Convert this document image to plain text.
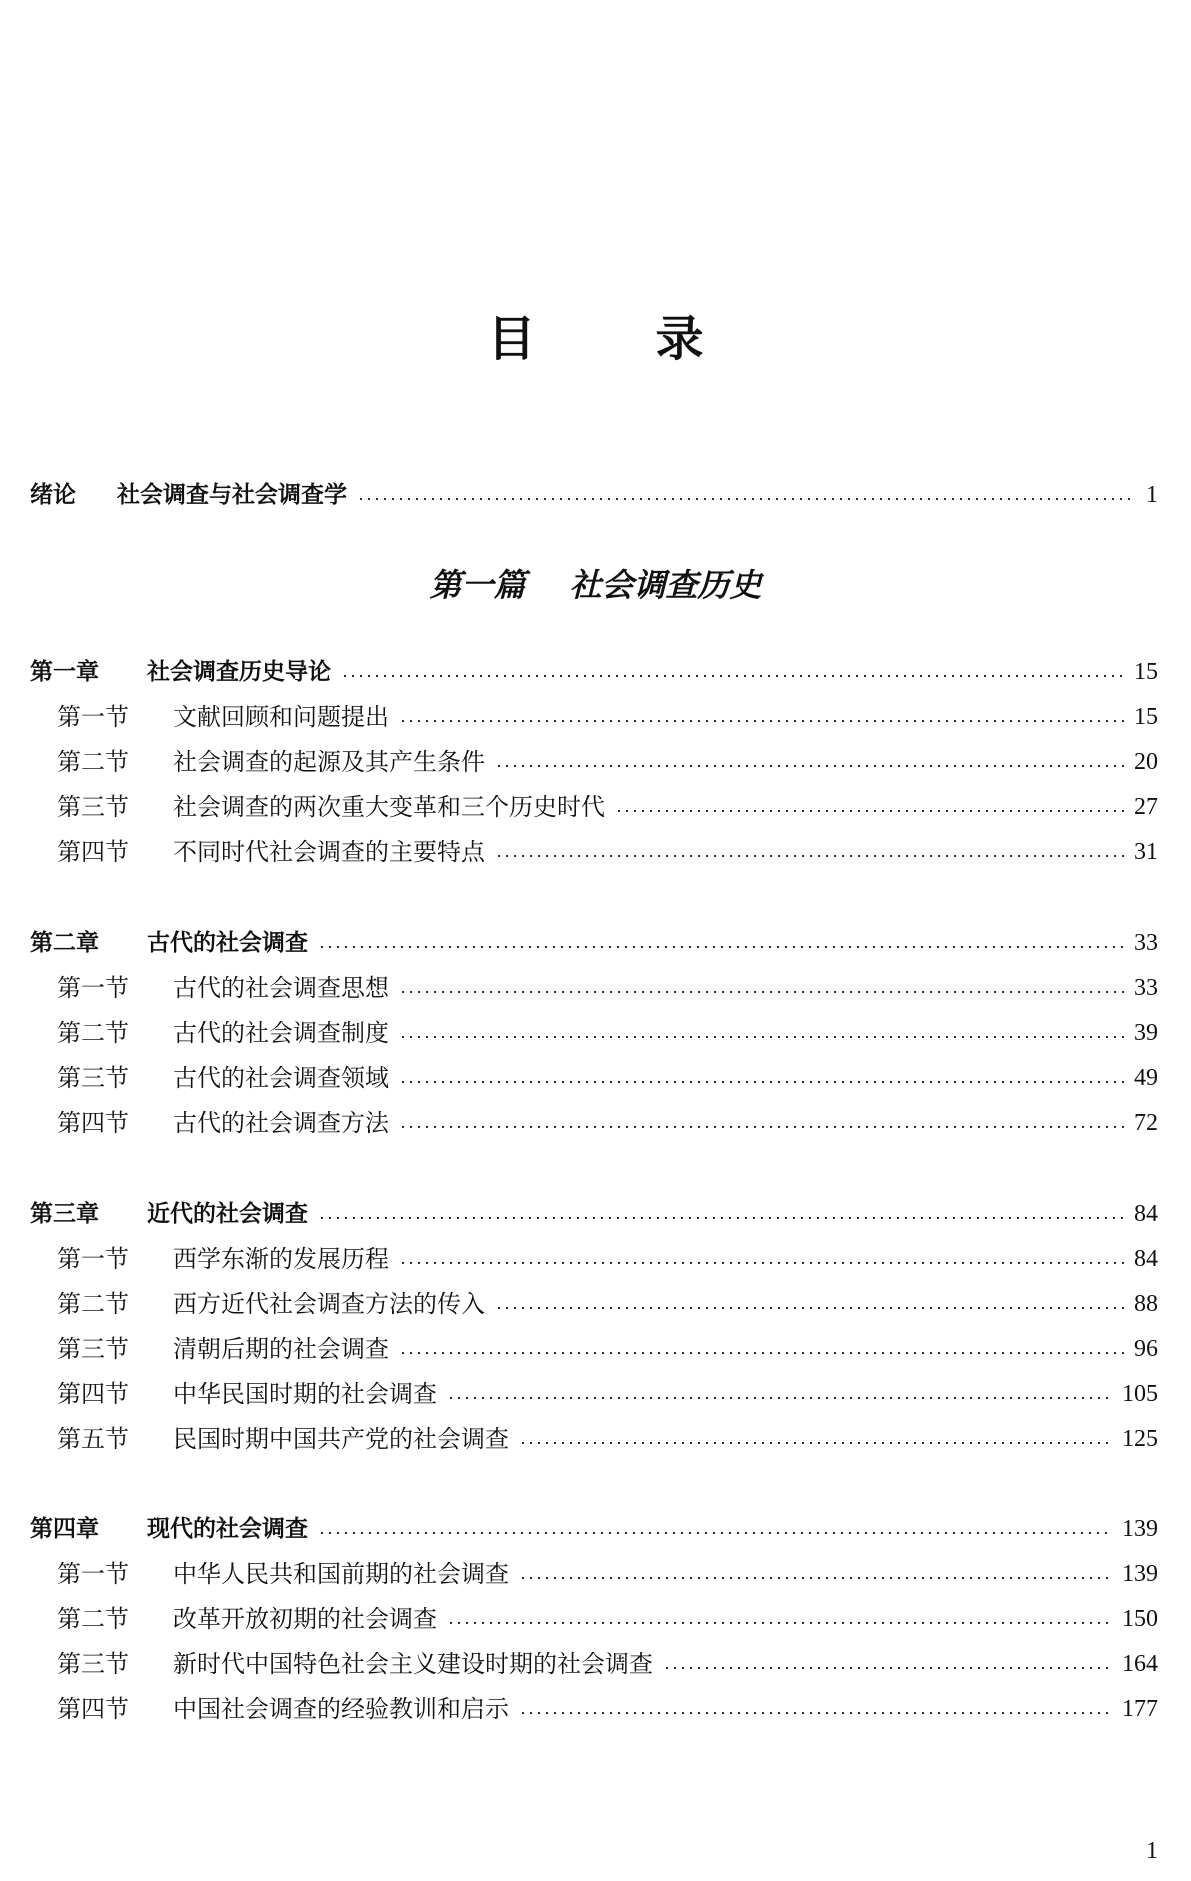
目	录
绪论 社会调查与社会调查学	1
第一篇 社会调查历史
第一章 社会调查历史导论	15
第一节 文献回顾和问题提出	15
第二节 社会调查的起源及其产生条件	20
第三节 社会调查的两次重大变革和三个历史时代	27
第四节 不同时代社会调查的主要特点	31
第二章 古代的社会调查	33
第一节 古代的社会调查思想	33
第二节 古代的社会调查制度	39
第三节 古代的社会调查领域	49
第四节 古代的社会调查方法	72
第三章 近代的社会调查	84
第一节 西学东渐的发展历程	84
第二节 西方近代社会调查方法的传入	88
第三节 清朝后期的社会调查	96
第四节 中华民国时期的社会调查	105
第五节 民国时期中国共产党的社会调查	125
第四章 现代的社会调查	139
第一节 中华人民共和国前期的社会调查	139
第二节 改革开放初期的社会调查	150
第三节 新时代中国特色社会主义建设时期的社会调查	164
第四节 中国社会调查的经验教训和启示	177
1
